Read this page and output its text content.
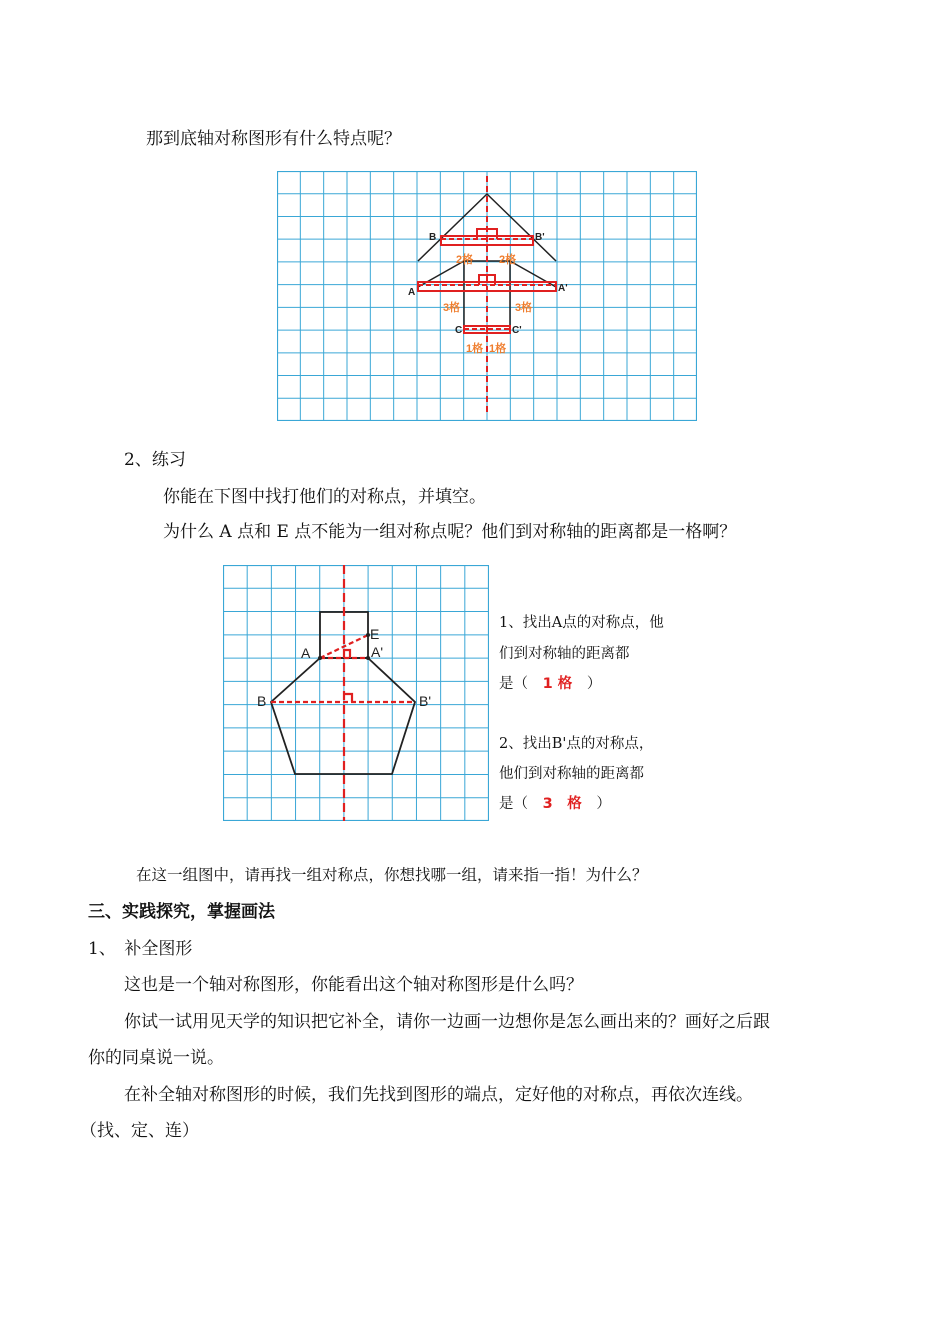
那到底轴对称图形有什么特点呢？
B	B'
A	A'
C	C'
2格 2格
3格	3格
1格 1格
2、练习
你能在下图中找打他们的对称点，并填空。
为什么 A 点和 E 点不能为一组对称点呢？他们到对称轴的距离都是一格啊？
A	A'
E
B	B'
1、找出A点的对称点，他
们到对称轴的距离都
是（ 1 格 ）
2、找出B'点的对称点，
他们到对称轴的距离都
是（ 3　格 ）
在这一组图中，请再找一组对称点，你想找哪一组，请来指一指！为什么？
三、实践探究，掌握画法
1、　补全图形
这也是一个轴对称图形，你能看出这个轴对称图形是什么吗？
你试一试用见天学的知识把它补全，请你一边画一边想你是怎么画出来的？画好之后跟
你的同桌说一说。
在补全轴对称图形的时候，我们先找到图形的端点，定好他的对称点，再依次连线。
（找、定、连）
